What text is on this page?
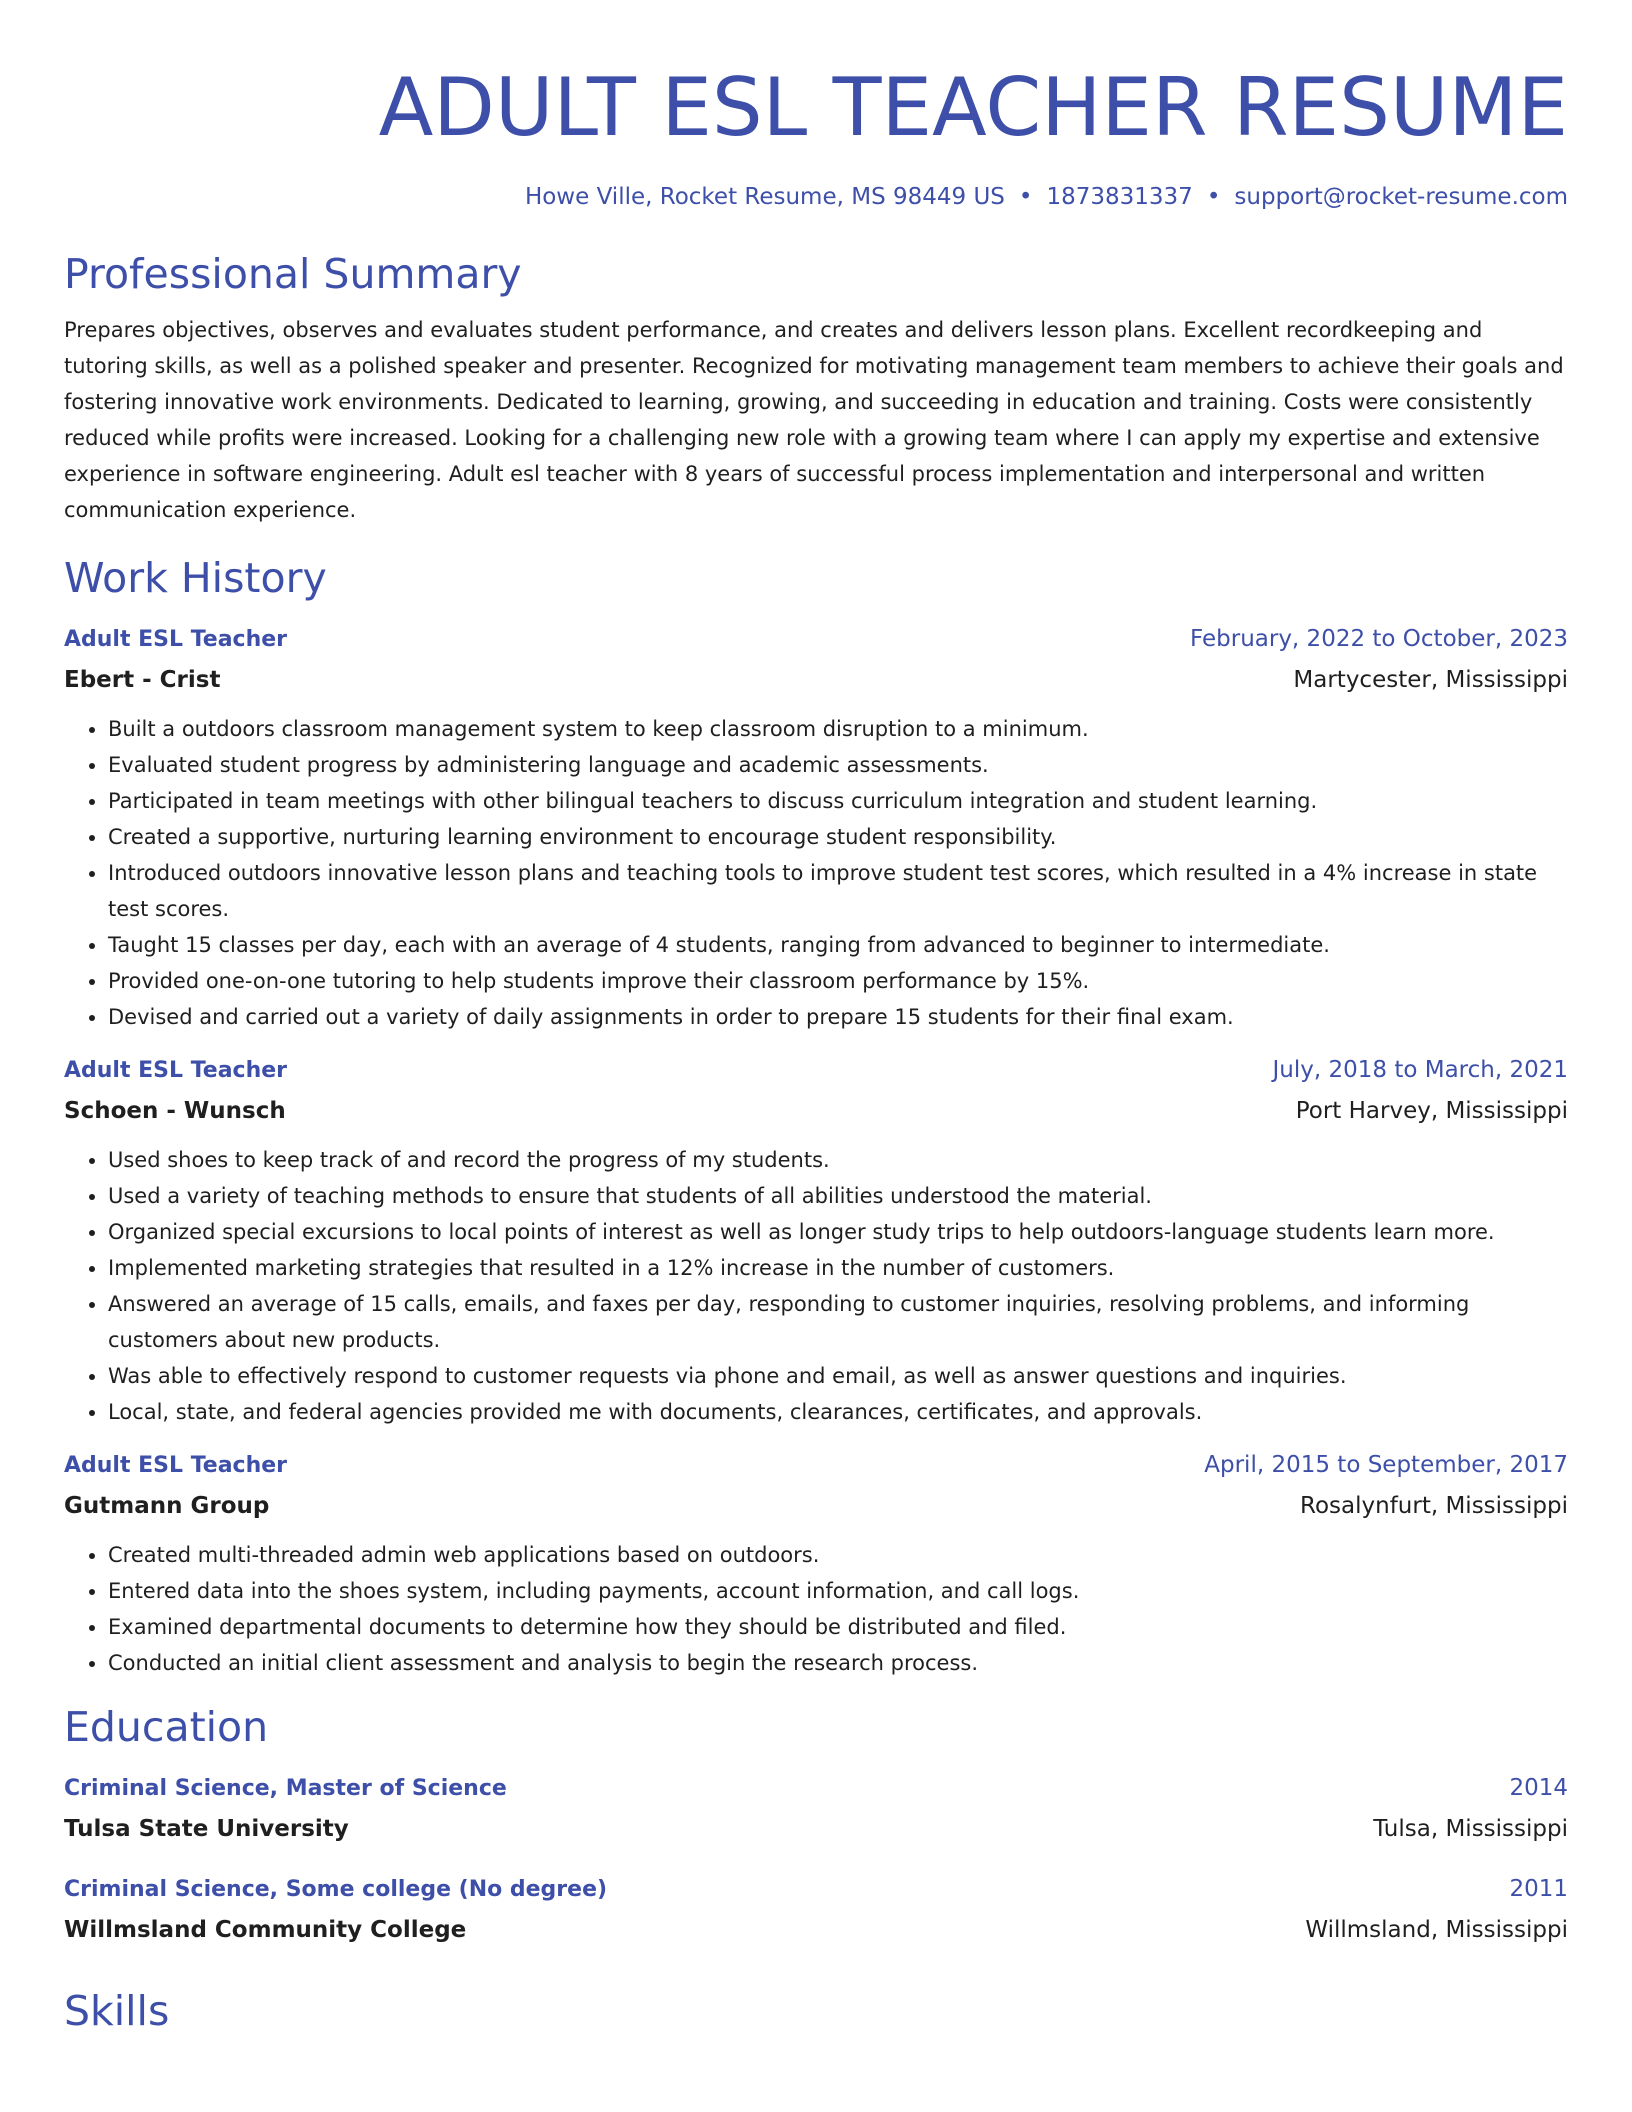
ADULT ESL TEACHER RESUME
Howe Ville, Rocket Resume, MS 98449 US • 1873831337 • support@rocket-resume.com
Professional Summary
Prepares objectives, observes and evaluates student performance, and creates and delivers lesson plans. Excellent recordkeeping and tutoring skills, as well as a polished speaker and presenter. Recognized for motivating management team members to achieve their goals and fostering innovative work environments. Dedicated to learning, growing, and succeeding in education and training. Costs were consistently reduced while profits were increased. Looking for a challenging new role with a growing team where I can apply my expertise and extensive experience in software engineering. Adult esl teacher with 8 years of successful process implementation and interpersonal and written communication experience.
Work History
Adult ESL Teacher	February, 2022 to October, 2023
Ebert - Crist	Martycester, Mississippi
• Built a outdoors classroom management system to keep classroom disruption to a minimum.
• Evaluated student progress by administering language and academic assessments.
• Participated in team meetings with other bilingual teachers to discuss curriculum integration and student learning.
• Created a supportive, nurturing learning environment to encourage student responsibility.
• Introduced outdoors innovative lesson plans and teaching tools to improve student test scores, which resulted in a 4% increase in state test scores.
• Taught 15 classes per day, each with an average of 4 students, ranging from advanced to beginner to intermediate.
• Provided one-on-one tutoring to help students improve their classroom performance by 15%.
• Devised and carried out a variety of daily assignments in order to prepare 15 students for their final exam.
Adult ESL Teacher	July, 2018 to March, 2021
Schoen - Wunsch	Port Harvey, Mississippi
• Used shoes to keep track of and record the progress of my students.
• Used a variety of teaching methods to ensure that students of all abilities understood the material.
• Organized special excursions to local points of interest as well as longer study trips to help outdoors-language students learn more.
• Implemented marketing strategies that resulted in a 12% increase in the number of customers.
• Answered an average of 15 calls, emails, and faxes per day, responding to customer inquiries, resolving problems, and informing customers about new products.
• Was able to effectively respond to customer requests via phone and email, as well as answer questions and inquiries.
• Local, state, and federal agencies provided me with documents, clearances, certificates, and approvals.
Adult ESL Teacher	April, 2015 to September, 2017
Gutmann Group	Rosalynfurt, Mississippi
• Created multi-threaded admin web applications based on outdoors.
• Entered data into the shoes system, including payments, account information, and call logs.
• Examined departmental documents to determine how they should be distributed and filed.
• Conducted an initial client assessment and analysis to begin the research process.
Education
Criminal Science, Master of Science	2014
Tulsa State University	Tulsa, Mississippi
Criminal Science, Some college (No degree)	2011
Willmsland Community College	Willmsland, Mississippi
Skills
